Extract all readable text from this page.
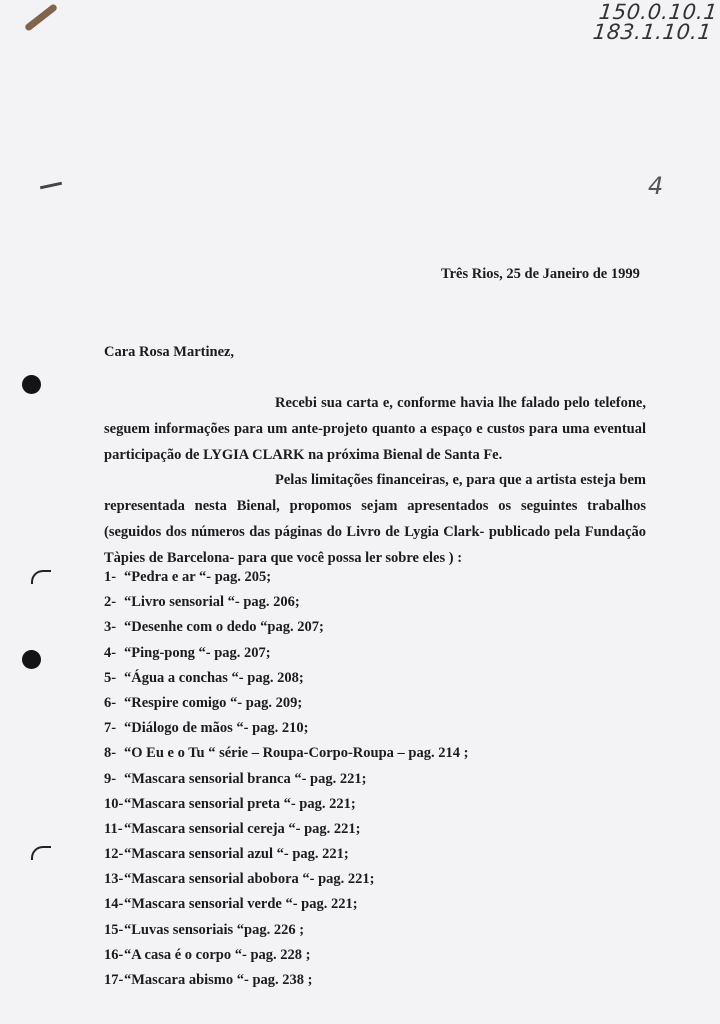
150.0.10.1
183.1.10.1
4
Três Rios, 25 de Janeiro de 1999
Cara Rosa Martinez,
Recebi sua carta e, conforme havia lhe falado pelo telefone, seguem informações para um ante-projeto quanto a espaço e custos para uma eventual participação de LYGIA CLARK na próxima Bienal de Santa Fe.
Pelas limitações financeiras, e, para que a artista esteja bem representada nesta Bienal, propomos sejam apresentados os seguintes trabalhos (seguidos dos números das páginas do Livro de Lygia Clark- publicado pela Fundação Tàpies de Barcelona- para que você possa ler sobre eles ) :
1- “Pedra e ar “- pag. 205;
2- “Livro sensorial “- pag. 206;
3- “Desenhe com o dedo “pag. 207;
4- “Ping-pong “- pag. 207;
5- “Água a conchas “- pag. 208;
6- “Respire comigo “- pag. 209;
7- “Diálogo de mãos “- pag. 210;
8- “O Eu e o Tu “ série – Roupa-Corpo-Roupa – pag. 214 ;
9- “Mascara sensorial branca “- pag. 221;
10-“Mascara sensorial preta “- pag. 221;
11-“Mascara sensorial cereja “- pag. 221;
12-“Mascara sensorial azul “- pag. 221;
13-“Mascara sensorial abobora “- pag. 221;
14-“Mascara sensorial verde “- pag. 221;
15-“Luvas sensoriais “pag. 226 ;
16-“A casa é o corpo “- pag. 228 ;
17-“Mascara abismo “- pag. 238 ;
